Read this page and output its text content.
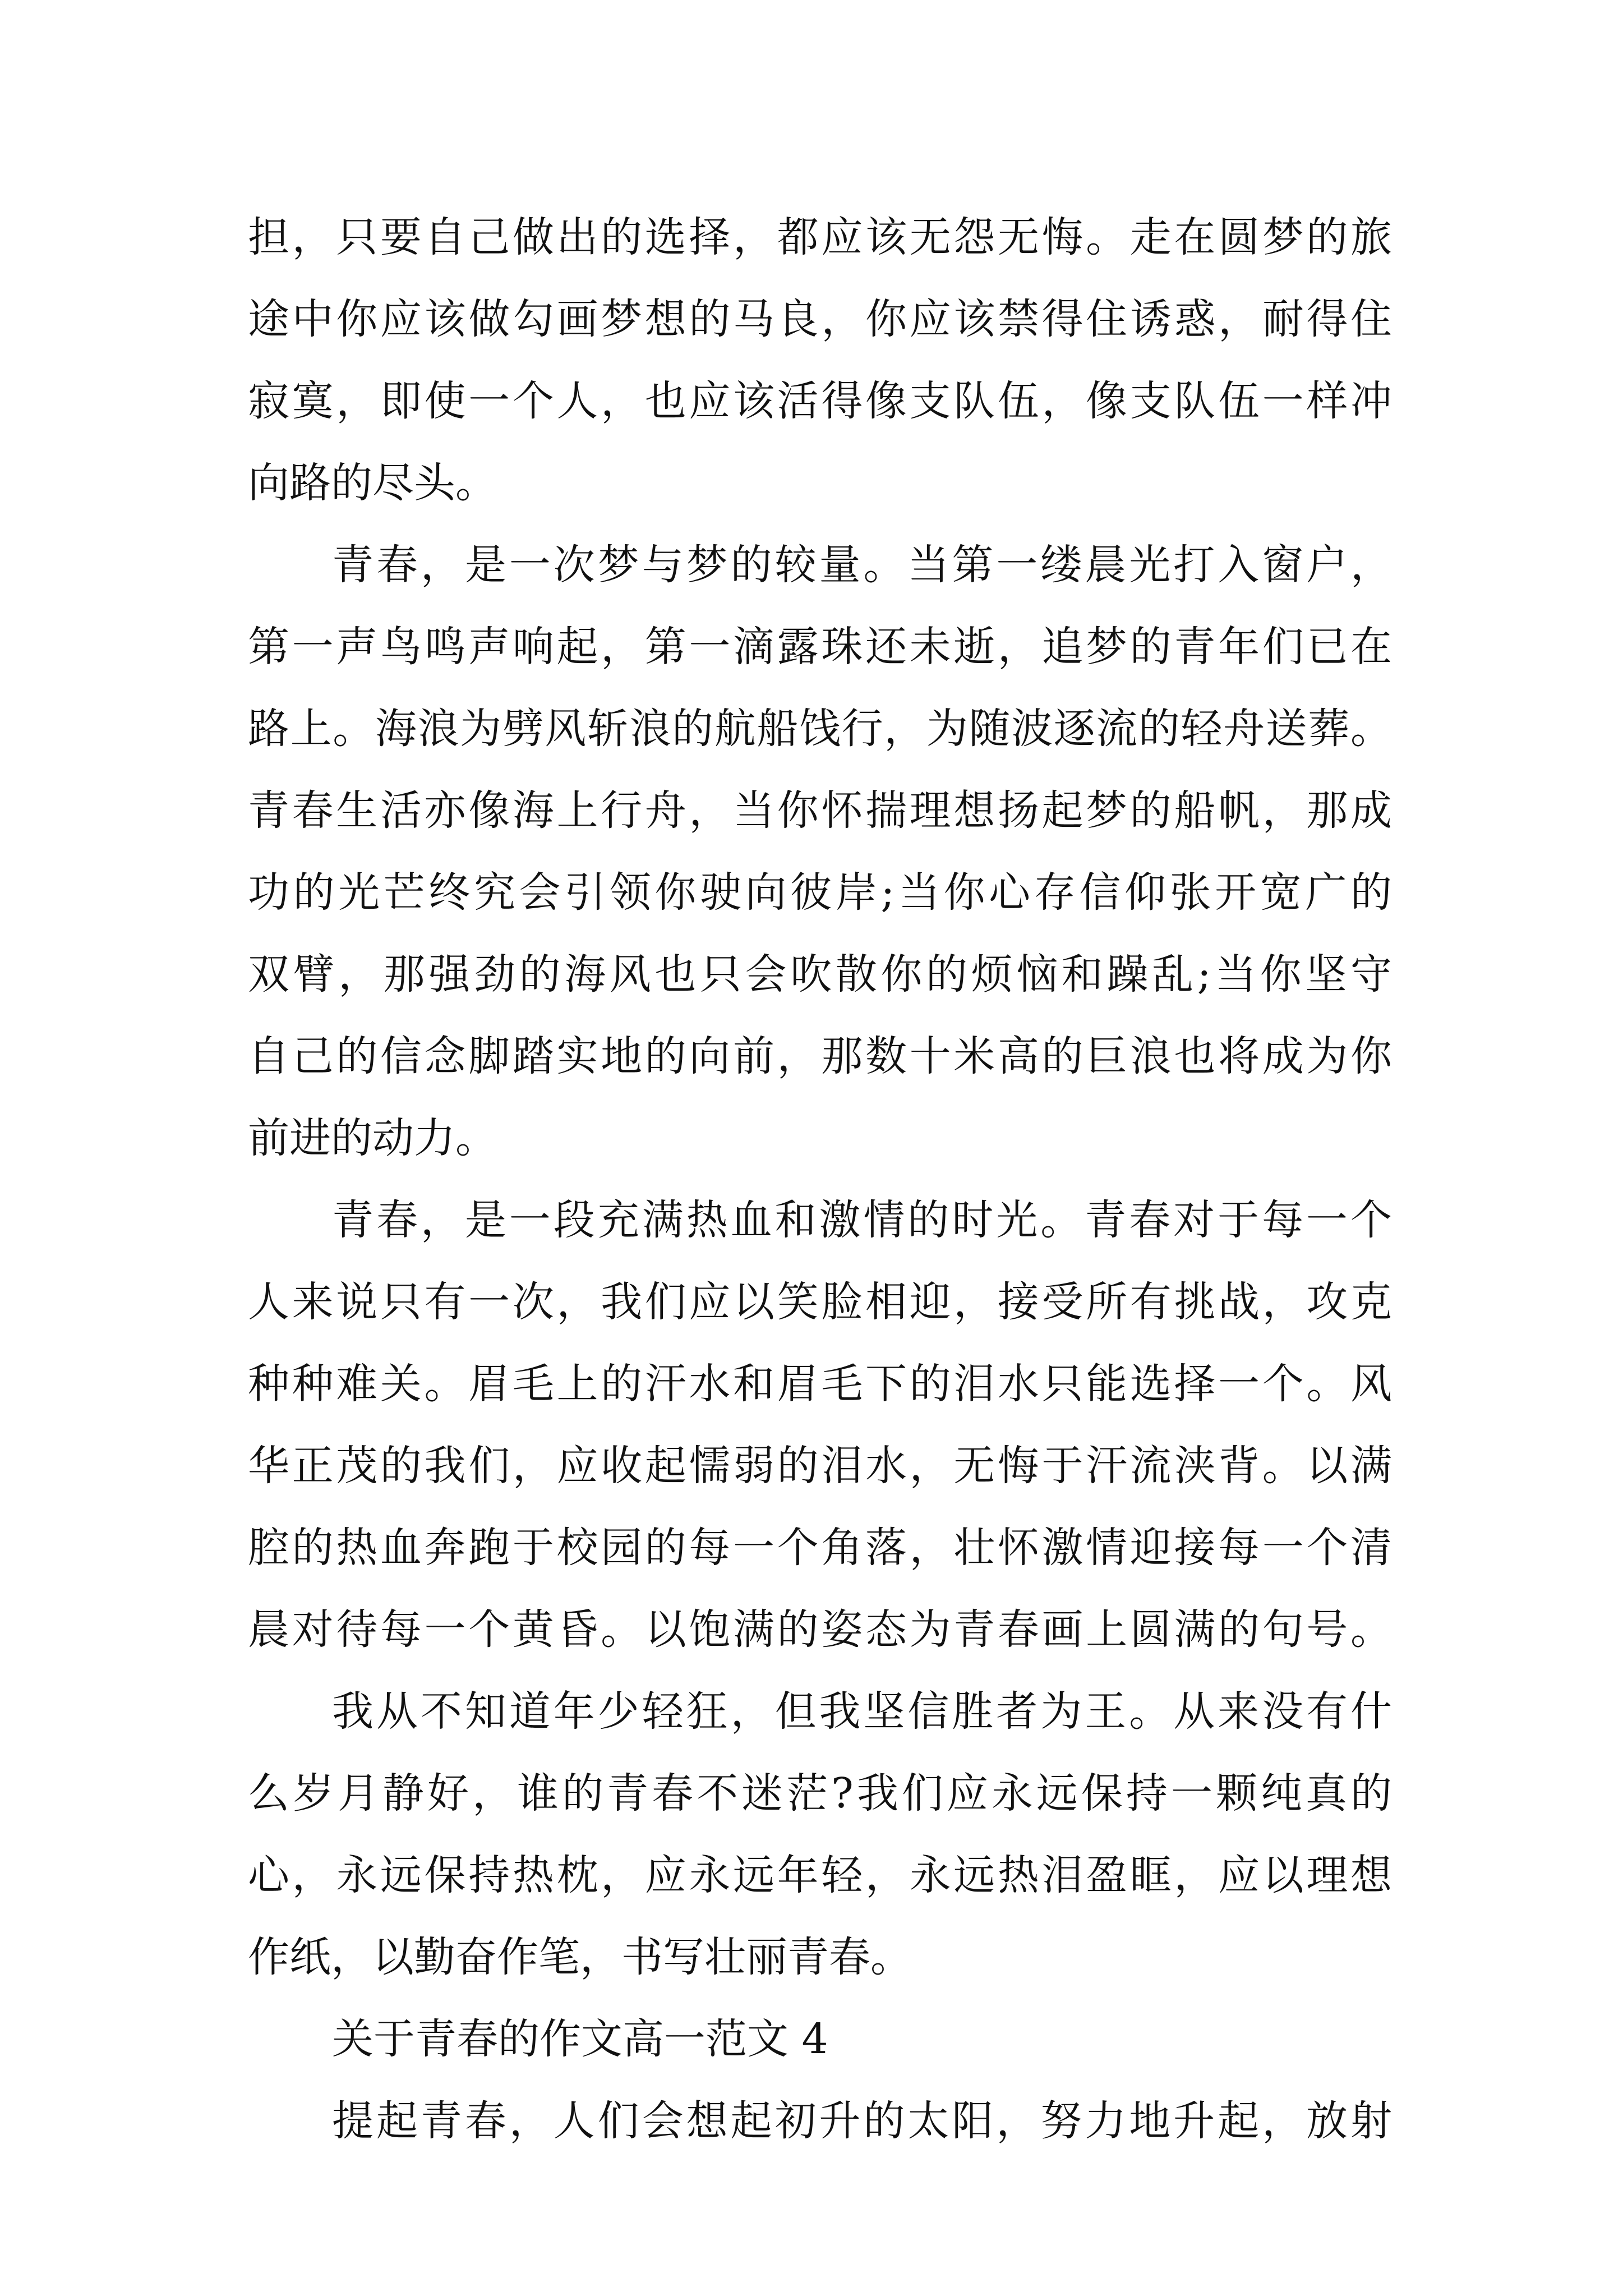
担，只要自己做出的选择，都应该无怨无悔。走在圆梦的旅
途中你应该做勾画梦想的马良，你应该禁得住诱惑，耐得住
寂寞，即使一个人，也应该活得像支队伍，像支队伍一样冲
向路的尽头。
青春，是一次梦与梦的较量。当第一缕晨光打入窗户，
第一声鸟鸣声响起，第一滴露珠还未逝，追梦的青年们已在
路上。海浪为劈风斩浪的航船饯行，为随波逐流的轻舟送葬。
青春生活亦像海上行舟，当你怀揣理想扬起梦的船帆，那成
功的光芒终究会引领你驶向彼岸;当你心存信仰张开宽广的
双臂，那强劲的海风也只会吹散你的烦恼和躁乱;当你坚守
自己的信念脚踏实地的向前，那数十米高的巨浪也将成为你
前进的动力。
青春，是一段充满热血和激情的时光。青春对于每一个
人来说只有一次，我们应以笑脸相迎，接受所有挑战，攻克
种种难关。眉毛上的汗水和眉毛下的泪水只能选择一个。风
华正茂的我们，应收起懦弱的泪水，无悔于汗流浃背。以满
腔的热血奔跑于校园的每一个角落，壮怀激情迎接每一个清
晨对待每一个黄昏。以饱满的姿态为青春画上圆满的句号。
我从不知道年少轻狂，但我坚信胜者为王。从来没有什
么岁月静好，谁的青春不迷茫?我们应永远保持一颗纯真的
心，永远保持热枕，应永远年轻，永远热泪盈眶，应以理想
作纸，以勤奋作笔，书写壮丽青春。
关于青春的作文高一范文 4
提起青春，人们会想起初升的太阳，努力地升起，放射
